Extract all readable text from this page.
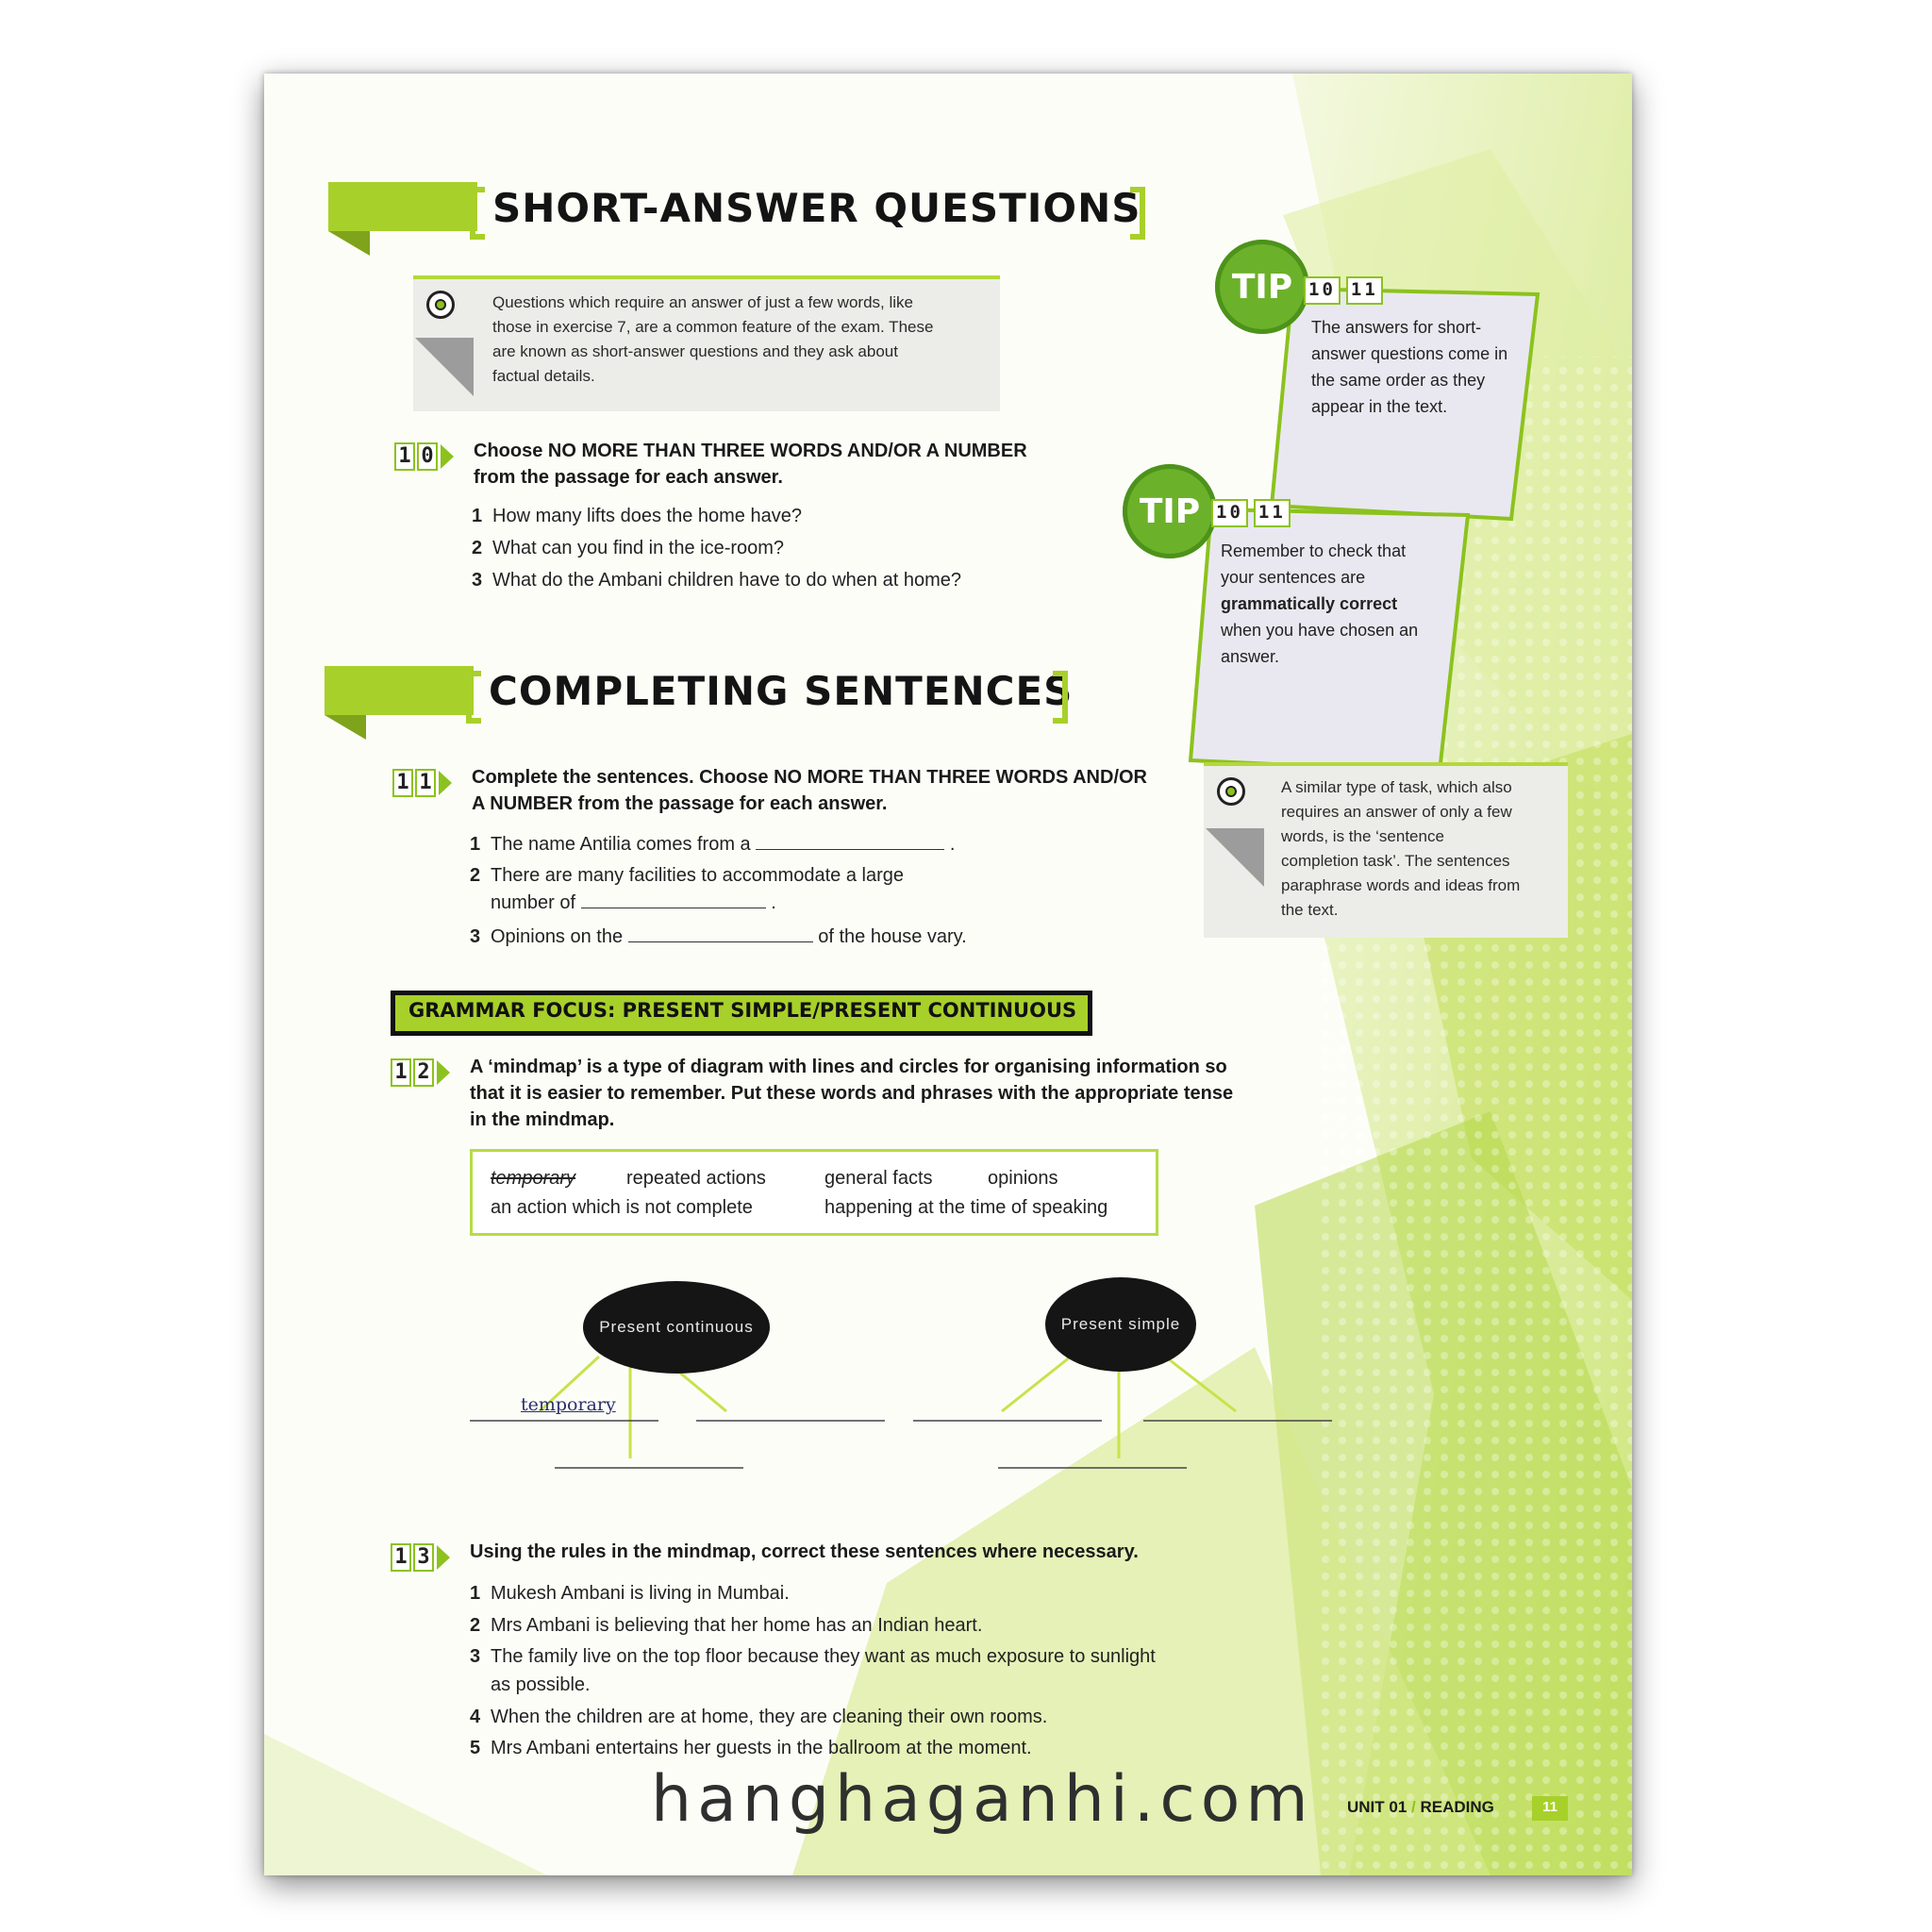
SHORT-ANSWER QUESTIONS
Questions which require an answer of just a few words, like
those in exercise 7, are a common feature of the exam. These
are known as short-answer questions and they ask about
factual details.
1 0 Choose NO MORE THAN THREE WORDS AND/OR A NUMBER
from the passage for each answer.
1 How many lifts does the home have?
2 What can you find in the ice-room?
3 What do the Ambani children have to do when at home?
TIP 10 11
The answers for short-
answer questions come in
the same order as they
appear in the text.
TIP 10 11
Remember to check that
your sentences are
grammatically correct
when you have chosen an
answer.
COMPLETING SENTENCES
A similar type of task, which also
requires an answer of only a few
words, is the ‘sentence
completion task’. The sentences
paraphrase words and ideas from
the text.
1 1 Complete the sentences. Choose NO MORE THAN THREE WORDS AND/OR
A NUMBER from the passage for each answer.
1 The name Antilia comes from a	.
2 There are many facilities to accommodate a large
number of	.
3 Opinions on the	of the house vary.
GRAMMAR FOCUS: PRESENT SIMPLE/PRESENT CONTINUOUS
1 2 A ‘mindmap’ is a type of diagram with lines and circles for organising information so
that it is easier to remember. Put these words and phrases with the appropriate tense
in the mindmap.
temporary	repeated actions	general facts	opinions
an action which is not complete	happening at the time of speaking
Present continuous	Present simple
temporary
1 3 Using the rules in the mindmap, correct these sentences where necessary.
1 Mukesh Ambani is living in Mumbai.
2 Mrs Ambani is believing that her home has an Indian heart.
3 The family live on the top floor because they want as much exposure to sunlight
as possible.
4 When the children are at home, they are cleaning their own rooms.
5 Mrs Ambani entertains her guests in the ballroom at the moment.
UNIT 01 / READING	11
hanghaganhi.com
